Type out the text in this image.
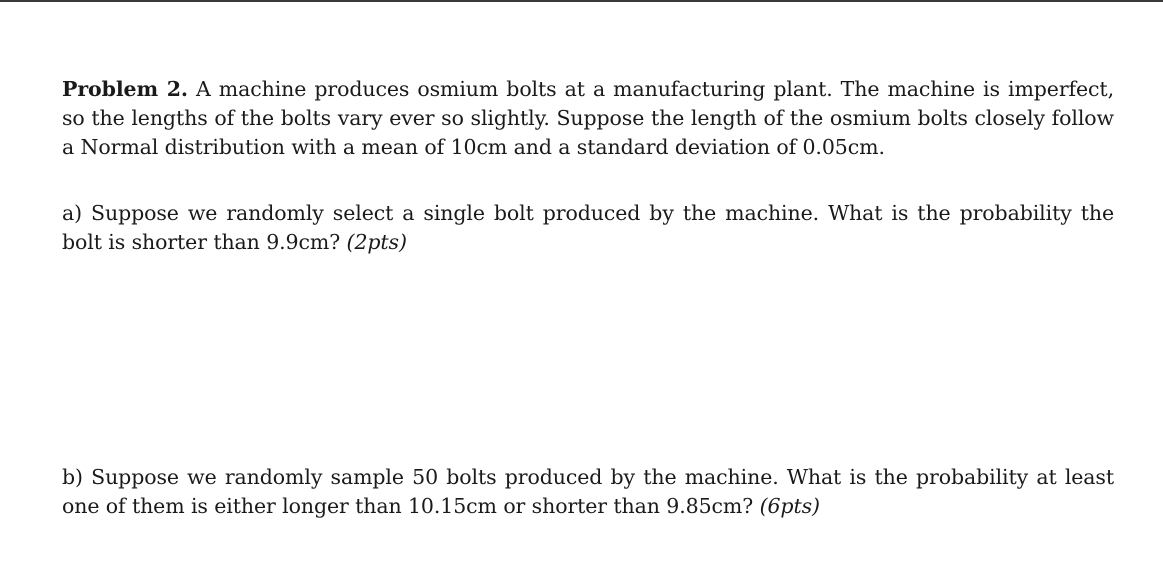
Problem 2. A machine produces osmium bolts at a manufacturing plant. The machine is imperfect, so the lengths of the bolts vary ever so slightly. Suppose the length of the osmium bolts closely follow a Normal distribution with a mean of 10cm and a standard deviation of 0.05cm.

a) Suppose we randomly select a single bolt produced by the machine. What is the probability the bolt is shorter than 9.9cm? (2pts)

b) Suppose we randomly sample 50 bolts produced by the machine. What is the probability at least one of them is either longer than 10.15cm or shorter than 9.85cm? (6pts)
